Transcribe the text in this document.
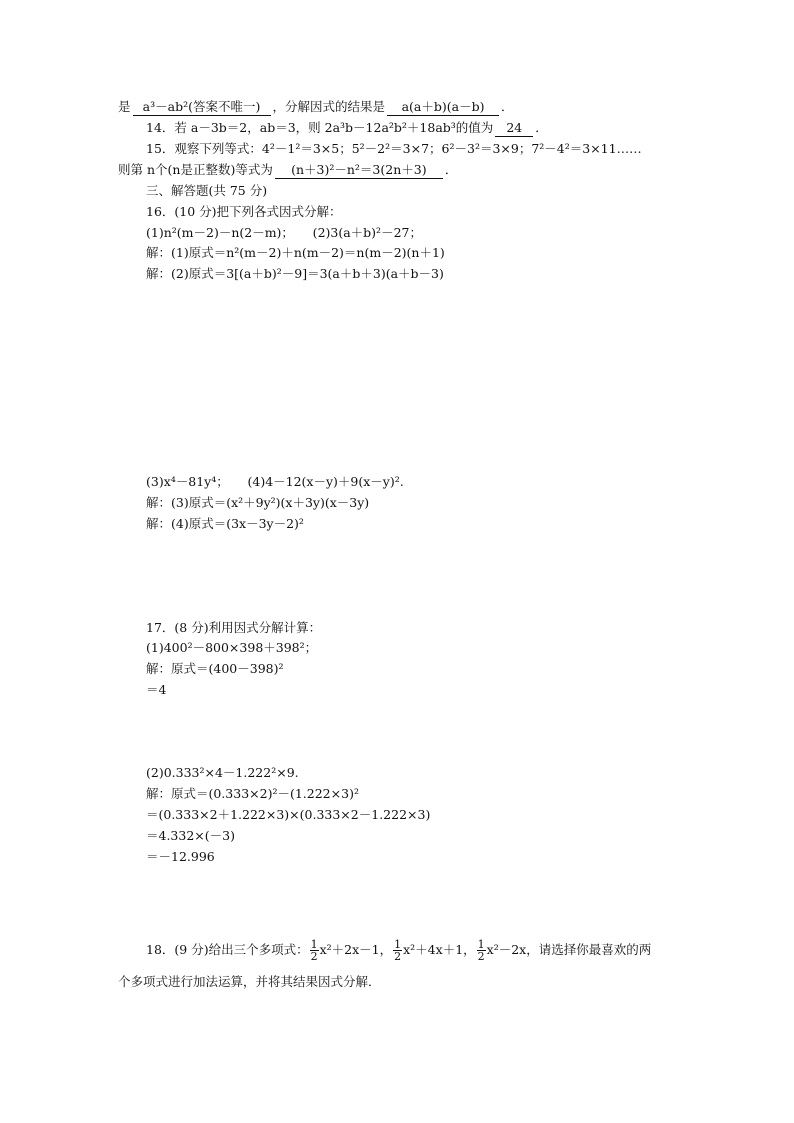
是 a³－ab²(答案不唯一) ，分解因式的结果是 a(a＋b)(a－b) ．
14．若 a－3b＝2，ab＝3，则 2a³b－12a²b²＋18ab³的值为 24 ．
15．观察下列等式：4²－1²＝3×5；5²－2²＝3×7；6²－3²＝3×9；7²－4²＝3×11……
则第 n个(n是正整数)等式为 (n＋3)²－n²＝3(2n＋3) ．
三、解答题(共 75 分)
16．(10 分)把下列各式因式分解：
(1)n²(m－2)－n(2－m)；　　(2)3(a＋b)²－27；
解：(1)原式＝n²(m－2)＋n(m－2)＝n(m－2)(n＋1)
解：(2)原式＝3[(a＋b)²－9]＝3(a＋b＋3)(a＋b－3)
(3)x⁴－81y⁴；　　(4)4－12(x－y)＋9(x－y)².
解：(3)原式＝(x²＋9y²)(x＋3y)(x－3y)
解：(4)原式＝(3x－3y－2)²
17．(8 分)利用因式分解计算：
(1)400²－800×398＋398²；
解：原式＝(400－398)²
＝4
(2)0.333²×4－1.222²×9.
解：原式＝(0.333×2)²－(1.222×3)²
＝(0.333×2＋1.222×3)×(0.333×2－1.222×3)
＝4.332×(－3)
＝－12.996
18．(9 分)给出三个多项式： $\frac{1}{2} x^2+2x-1$， $\frac{1}{2} x^2+4x+1$， $\frac{1}{2} x^2-2x$，请选择你最喜欢的两
个多项式进行加法运算，并将其结果因式分解．
